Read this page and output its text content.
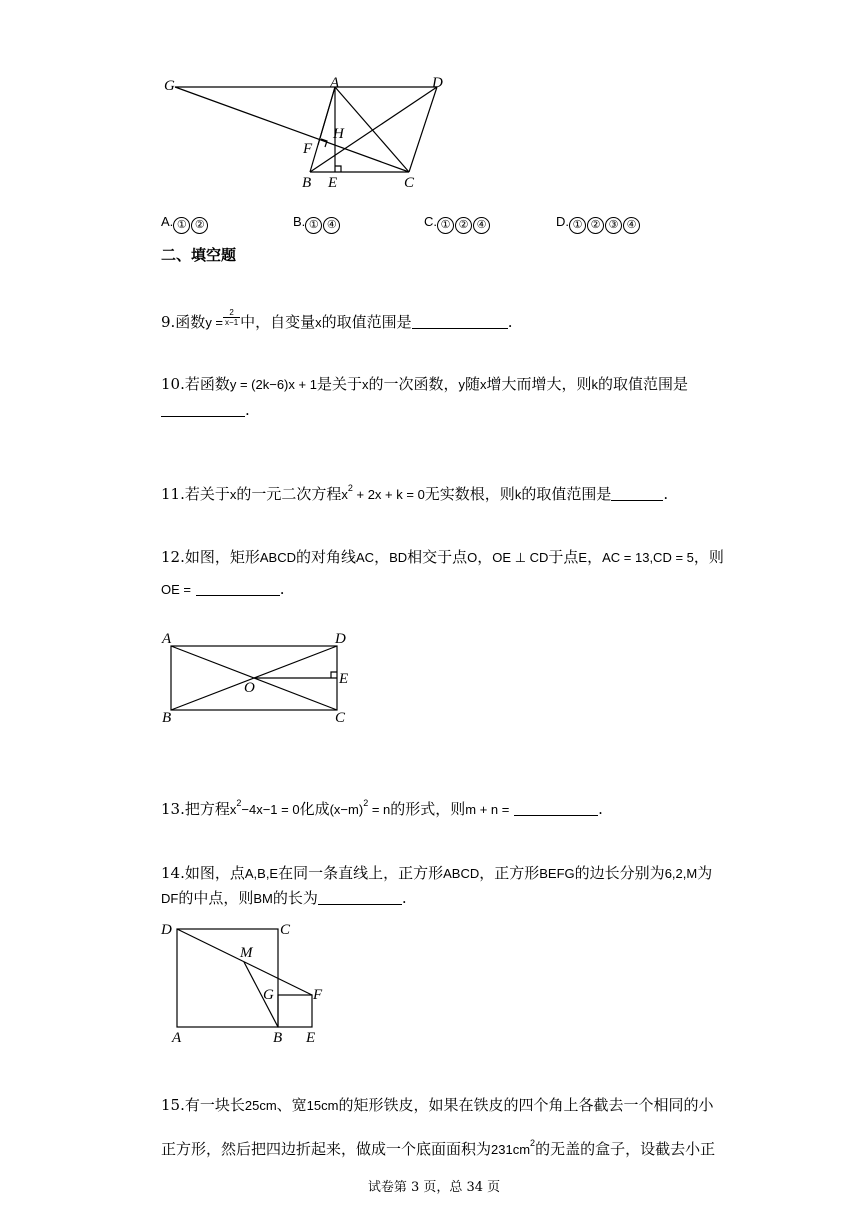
G	A	D
H
F
B E	C
A. ① ②	B. ① ④	C. ① ② ④	D. ① ② ③ ④
二、填空题
9.函数$y = \frac{2}{x-1}$ 中，自变量x的取值范围是	.
10.若函数y = (2k−6)x + 1是关于x的一次函数，y随x增大而增大，则k的取值范围是
.
11.若关于x的一元二次方程$x^2 + 2x + k = 0$无实数根，则k的取值范围是	.
12.如图，矩形ABCD的对角线AC，BD相交于点O，OE ⊥ CD于点E，AC = 13,CD = 5，则
OE =	.
A	D
E
O
B	C
13.把方程$x^2-4x-1 = 0$化成$(x-m)^2 = n$的形式，则m + n =	.
14.如图，点A,B,E在同一条直线上，正方形ABCD，正方形BEFG的边长分别为6,2,M为
DF的中点，则BM的长为	.
D	C
M
G	F
A	B E
15.有一块长25cm、宽15cm的矩形铁皮，如果在铁皮的四个角上各截去一个相同的小
正方形，然后把四边折起来，做成一个底面面积为$231cm^2$的无盖的盒子，设截去小正
试卷第 3 页，总 34 页
